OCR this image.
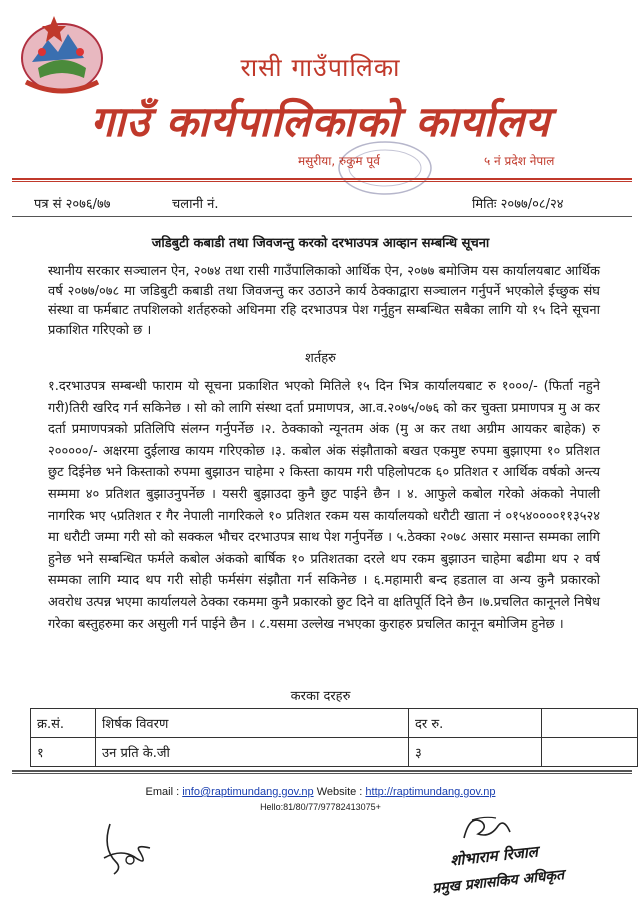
रासी गाउँपालिका
गाउँ कार्यपालिकाको कार्यालय
मसुरीया, रुकुम पूर्व	५ नं प्रदेश नेपाल
पत्र सं २०७६/७७	चलानी नं.	मितिः २०७७/०८/२४
जडिबुटी कबाडी तथा जिवजन्तु करको दरभाउपत्र आव्हान सम्बन्धि सूचना
स्थानीय सरकार सञ्चालन ऐन, २०७४ तथा रासी गाउँपालिकाको आर्थिक ऐन, २०७७ बमोजिम यस कार्यालयबाट आर्थिक वर्ष २०७७/०७८ मा जडिबुटी कबाडी तथा जिवजन्तु कर उठाउने कार्य ठेक्काद्वारा सञ्चालन गर्नुपर्ने भएकोले ईच्छुक संघ संस्था वा फर्मबाट तपशिलको शर्तहरुको अधिनमा रहि दरभाउपत्र पेश गर्नुहुन सम्बन्धित सबैका लागि यो १५ दिने सूचना प्रकाशित गरिएको छ ।
शर्तहरु
१.दरभाउपत्र सम्बन्धी फाराम यो सूचना प्रकाशित भएको मितिले १५ दिन भित्र कार्यालयबाट रु १०००/- (फिर्ता नहुने गरी)तिरी खरिद गर्न सकिनेछ । सो को लागि संस्था दर्ता प्रमाणपत्र, आ.व.२०७५/०७६ को कर चुक्ता प्रमाणपत्र मु अ कर दर्ता प्रमाणपत्रको प्रतिलिपि संलग्न गर्नुपर्नेछ ।२. ठेक्काको न्यूनतम अंक (मु अ कर तथा अग्रीम आयकर बाहेक) रु २०००००/- अक्षरमा दुईलाख कायम गरिएकोछ ।३. कबोल अंक संझौताको बखत एकमुष्ट रुपमा बुझाएमा १० प्रतिशत छुट दिईनेछ भने किस्ताको रुपमा बुझाउन चाहेमा २ किस्ता कायम गरी पहिलोपटक ६० प्रतिशत र आर्थिक वर्षको अन्त्य सम्ममा ४० प्रतिशत बुझाउनुपर्नेछ । यसरी बुझाउदा कुनै छुट पाईने छैन । ४. आफुले कबोल गरेको अंकको नेपाली नागरिक भए ५प्रतिशत र गैर नेपाली नागरिकले १० प्रतिशत रकम यस कार्यालयको धरौटी खाता नं ०१५४००००११३५२४ मा धरौटी जम्मा गरी सो को सक्कल भौचर दरभाउपत्र साथ पेश गर्नुपर्नेछ । ५.ठेक्का २०७८ असार मसान्त सम्मका लागि हुनेछ भने सम्बन्धित फर्मले कबोल अंकको बार्षिक १० प्रतिशतका दरले थप रकम बुझाउन चाहेमा बढीमा थप २ वर्ष सम्मका लागि म्याद थप गरी सोही फर्मसंग संझौता गर्न सकिनेछ । ६.महामारी बन्द हडताल वा अन्य कुनै प्रकारको अवरोध उत्पन्न भएमा कार्यालयले ठेक्का रकममा कुनै प्रकारको छुट दिने वा क्षतिपूर्ति दिने छैन ।७.प्रचलित कानूनले निषेध गरेका बस्तुहरुमा कर असुली गर्न पाईने छैन । ८.यसमा उल्लेख नभएका कुराहरु प्रचलित कानून बमोजिम हुनेछ ।
करका दरहरु
क्र.सं.	शिर्षक विवरण	दर रु.	
१	उन प्रति के.जी	३	
Email : info@raptimundang.gov.np Website : http://raptimundang.gov.np
Hello:81/80/77/97782413075+
शोभाराम रिजाल
प्रमुख प्रशासकिय अधिकृत
